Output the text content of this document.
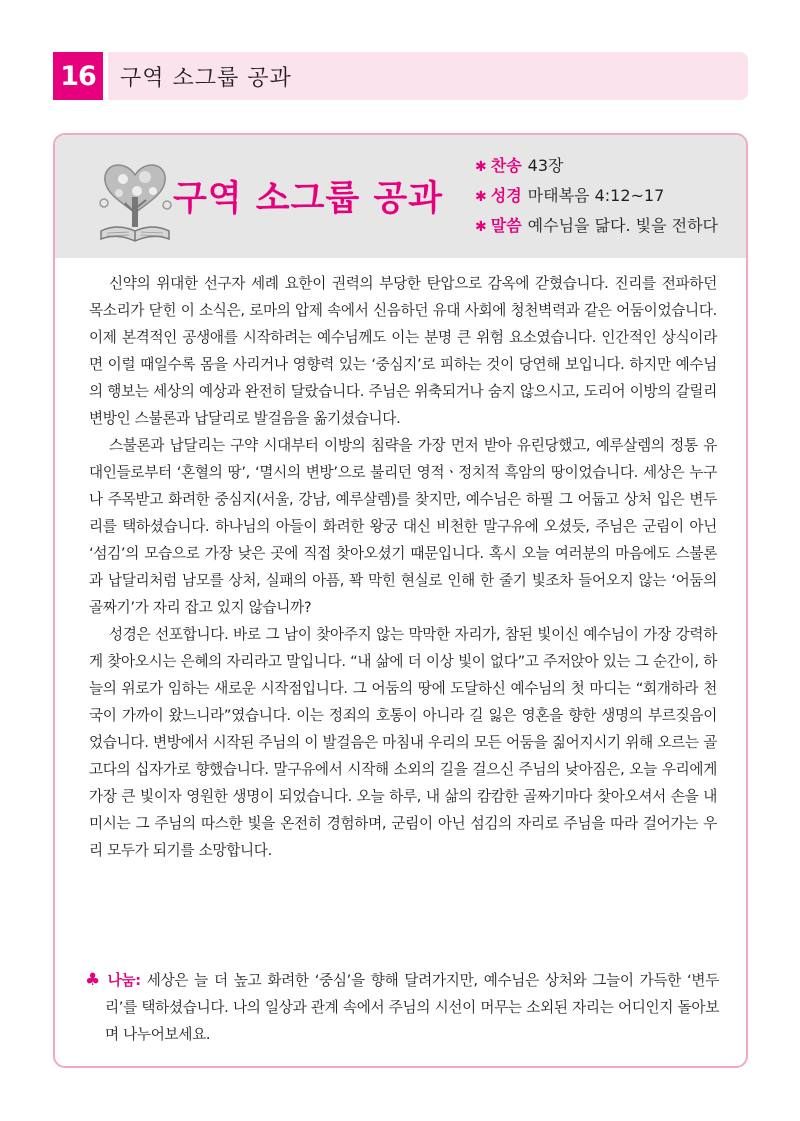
16	구역 소그룹 공과
구역 소그룹 공과
✱ 찬송 43장
✱ 성경 마태복음 4:12~17
✱ 말씀 예수님을 닮다. 빛을 전하다

신약의 위대한 선구자 세례 요한이 권력의 부당한 탄압으로 감옥에 갇혔습니다. 진리를 전파하던 목소리가 닫힌 이 소식은, 로마의 압제 속에서 신음하던 유대 사회에 청천벽력과 같은 어둠이었습니다. 이제 본격적인 공생애를 시작하려는 예수님께도 이는 분명 큰 위험 요소였습니다. 인간적인 상식이라면 이럴 때일수록 몸을 사리거나 영향력 있는 ‘중심지’로 피하는 것이 당연해 보입니다. 하지만 예수님의 행보는 세상의 예상과 완전히 달랐습니다. 주님은 위축되거나 숨지 않으시고, 도리어 이방의 갈릴리 변방인 스불론과 납달리로 발걸음을 옮기셨습니다.

스불론과 납달리는 구약 시대부터 이방의 침략을 가장 먼저 받아 유린당했고, 예루살렘의 정통 유대인들로부터 ‘혼혈의 땅’, ‘멸시의 변방’으로 불리던 영적ㆍ정치적 흑암의 땅이었습니다. 세상은 누구나 주목받고 화려한 중심지(서울, 강남, 예루살렘)를 찾지만, 예수님은 하필 그 어둡고 상처 입은 변두리를 택하셨습니다. 하나님의 아들이 화려한 왕궁 대신 비천한 말구유에 오셨듯, 주님은 군림이 아닌 ‘섬김’의 모습으로 가장 낮은 곳에 직접 찾아오셨기 때문입니다. 혹시 오늘 여러분의 마음에도 스불론과 납달리처럼 남모를 상처, 실패의 아픔, 꽉 막힌 현실로 인해 한 줄기 빛조차 들어오지 않는 ‘어둠의 골짜기’가 자리 잡고 있지 않습니까?

성경은 선포합니다. 바로 그 남이 찾아주지 않는 막막한 자리가, 참된 빛이신 예수님이 가장 강력하게 찾아오시는 은혜의 자리라고 말입니다. “내 삶에 더 이상 빛이 없다”고 주저앉아 있는 그 순간이, 하늘의 위로가 임하는 새로운 시작점입니다. 그 어둠의 땅에 도달하신 예수님의 첫 마디는 “회개하라 천국이 가까이 왔느니라”였습니다. 이는 정죄의 호통이 아니라 길 잃은 영혼을 향한 생명의 부르짖음이었습니다. 변방에서 시작된 주님의 이 발걸음은 마침내 우리의 모든 어둠을 짊어지시기 위해 오르는 골고다의 십자가로 향했습니다. 말구유에서 시작해 소외의 길을 걸으신 주님의 낮아짐은, 오늘 우리에게 가장 큰 빛이자 영원한 생명이 되었습니다. 오늘 하루, 내 삶의 캄캄한 골짜기마다 찾아오셔서 손을 내미시는 그 주님의 따스한 빛을 온전히 경험하며, 군림이 아닌 섬김의 자리로 주님을 따라 걸어가는 우리 모두가 되기를 소망합니다.

♣ 나눔: 세상은 늘 더 높고 화려한 ‘중심’을 향해 달려가지만, 예수님은 상처와 그늘이 가득한 ‘변두리’를 택하셨습니다. 나의 일상과 관계 속에서 주님의 시선이 머무는 소외된 자리는 어디인지 돌아보며 나누어보세요.
